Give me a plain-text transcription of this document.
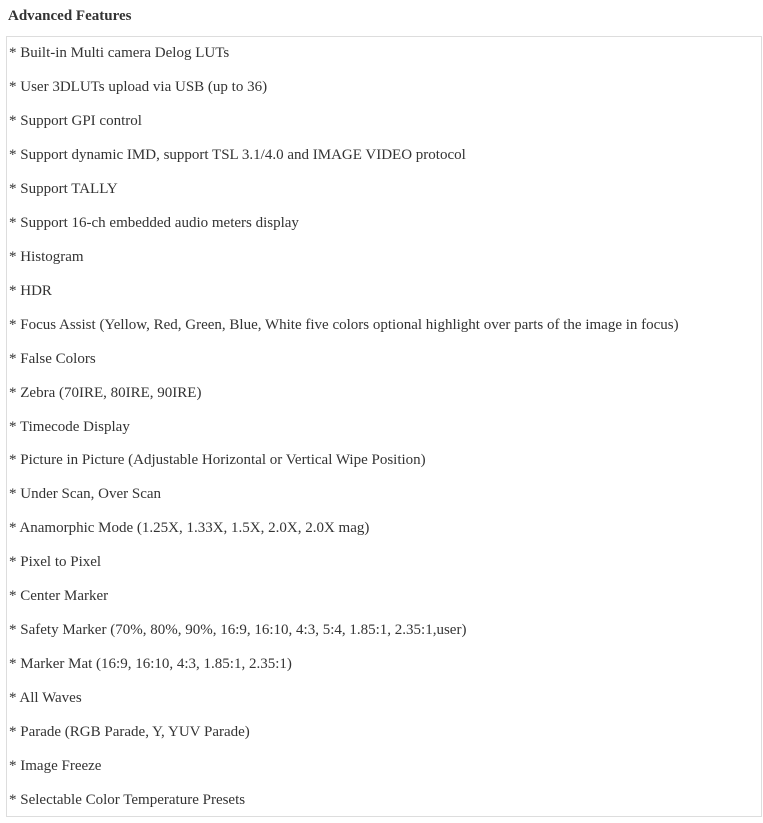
Advanced Features
* Built-in Multi camera Delog LUTs
* User 3DLUTs upload via USB (up to 36)
* Support GPI control
* Support dynamic IMD, support TSL 3.1/4.0 and IMAGE VIDEO protocol
* Support TALLY
* Support 16-ch embedded audio meters display
* Histogram
* HDR
* Focus Assist (Yellow, Red, Green, Blue, White five colors optional highlight over parts of the image in focus)
* False Colors
* Zebra (70IRE, 80IRE, 90IRE)
* Timecode Display
* Picture in Picture (Adjustable Horizontal or Vertical Wipe Position)
* Under Scan, Over Scan
* Anamorphic Mode (1.25X, 1.33X, 1.5X, 2.0X, 2.0X mag)
* Pixel to Pixel
* Center Marker
* Safety Marker (70%, 80%, 90%, 16:9, 16:10, 4:3, 5:4, 1.85:1, 2.35:1,user)
* Marker Mat (16:9, 16:10, 4:3, 1.85:1, 2.35:1)
* All Waves
* Parade (RGB Parade, Y, YUV Parade)
* Image Freeze
* Selectable Color Temperature Presets
